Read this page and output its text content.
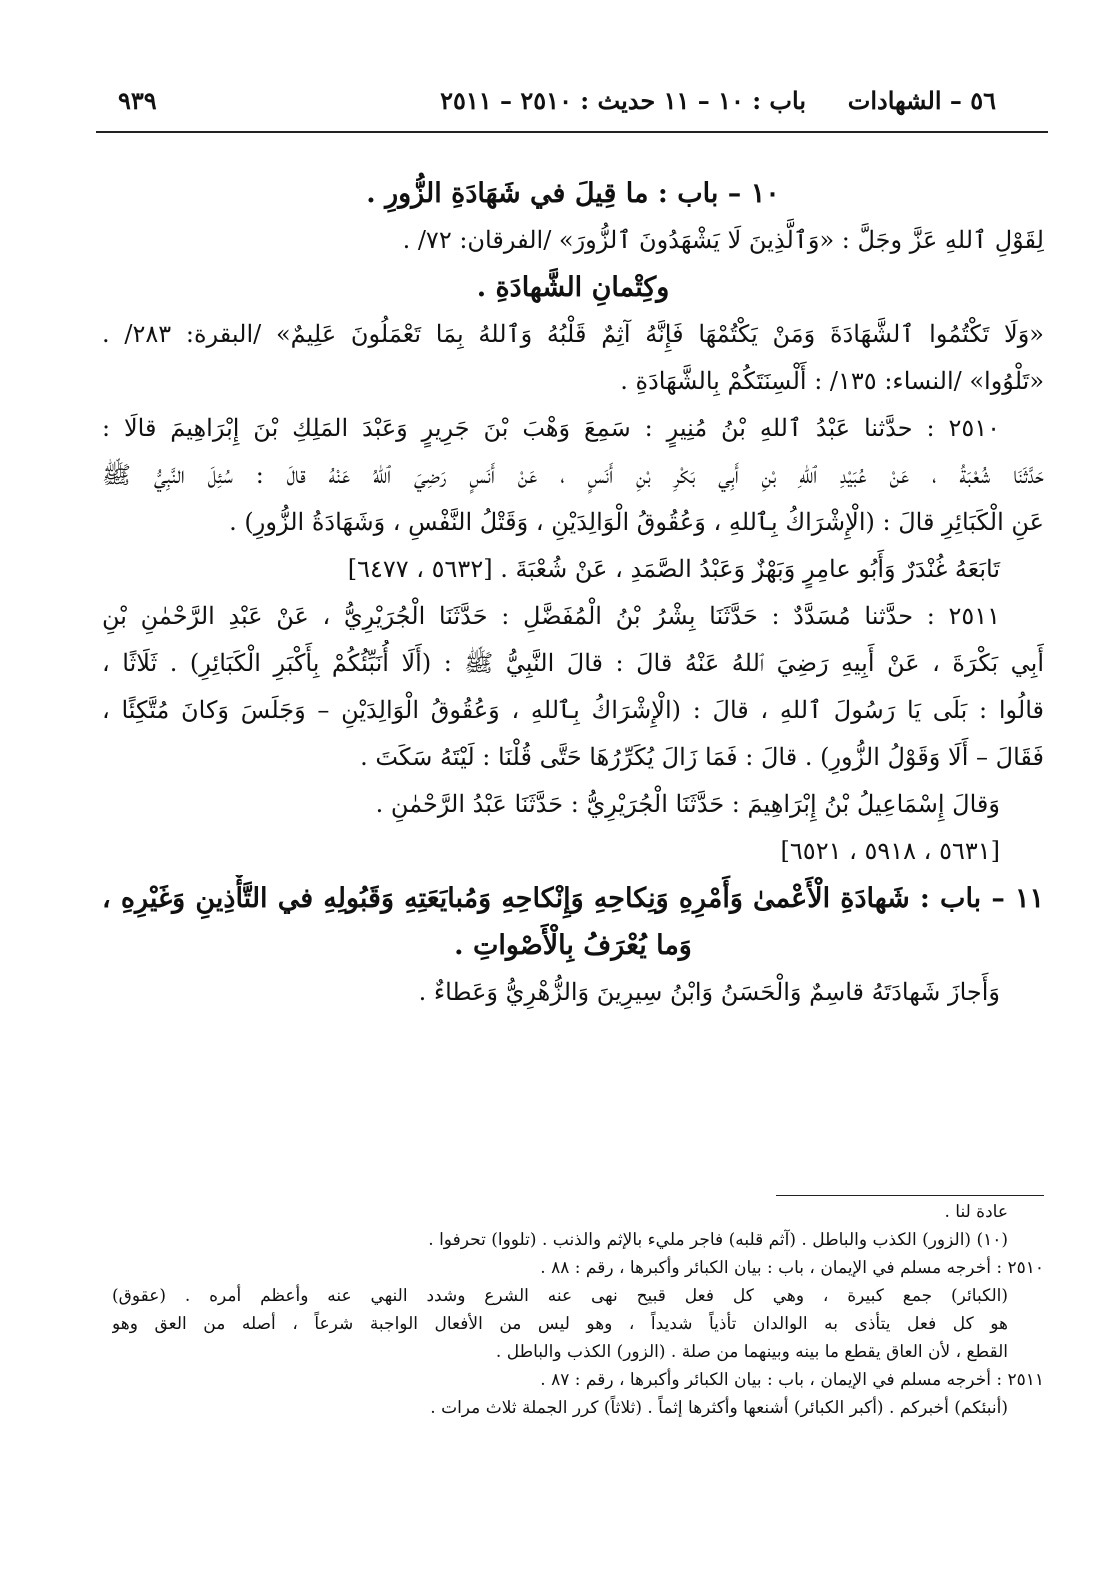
٥٦ – الشهادات
باب : ١٠ – ١١ حديث : ٢٥١٠ – ٢٥١١
٩٣٩
١٠ – باب : ما قِيلَ في شَهَادَةِ الزُّورِ .
لِقَوْلِ ٱللهِ عَزَّ وجَلَّ : «وَٱلَّذِينَ لَا يَشْهَدُونَ ٱلزُّورَ» /الفرقان: ٧٢/ .
وكِتْمانِ الشَّهادَةِ .
«وَلَا تَكْتُمُوا ٱلشَّهَادَةَ وَمَنْ يَكْتُمْهَا فَإِنَّهُ آثِمٌ قَلْبُهُ وَٱللهُ بِمَا تَعْمَلُونَ عَلِيمٌ» /البقرة: ٢٨٣/ .
«تَلْوُوا» /النساء: ١٣٥/ : أَلْسِنَتَكُمْ بِالشَّهَادَةِ .
٢٥١٠ : حدَّثنا عَبْدُ ٱللهِ بْنُ مُنِيرٍ : سَمِعَ وَهْبَ بْنَ جَرِيرٍ وَعَبْدَ المَلِكِ بْنَ إِبْرَاهِيمَ قالَا :
حَدَّثَنَا شُعْبَةُ ، عَنْ عُبَيْدِ ٱللهِ بْنِ أَبِي بَكْرِ بْنِ أَنَسٍ ، عَنْ أَنَسٍ رَضِيَ ٱللهُ عَنْهُ قالَ : سُئِلَ النَّبِيُّ ﷺ
عَنِ الْكَبَائِرِ قالَ : (الْإِشْرَاكُ بِٱللهِ ، وَعُقُوقُ الْوَالِدَيْنِ ، وَقَتْلُ النَّفْسِ ، وَشَهَادَةُ الزُّورِ) .
تَابَعَهُ غُنْدَرٌ وَأَبُو عامِرٍ وَبَهْزٌ وَعَبْدُ الصَّمَدِ ، عَنْ شُعْبَةَ . [٥٦٣٢ ، ٦٤٧٧]
٢٥١١ : حدَّثنا مُسَدَّدٌ : حَدَّثَنَا بِشْرُ بْنُ الْمُفَضَّلِ : حَدَّثَنَا الْجُرَيْرِيُّ ، عَنْ عَبْدِ الرَّحْمٰنِ بْنِ
أَبِي بَكْرَةَ ، عَنْ أَبِيهِ رَضِيَ ٱللهُ عَنْهُ قالَ : قالَ النَّبِيُّ ﷺ : (أَلَا أُنَبِّئُكُمْ بِأَكْبَرِ الْكَبَائِرِ) . ثَلَاثًا ،
قالُوا : بَلَى يَا رَسُولَ ٱللهِ ، قالَ : (الْإِشْرَاكُ بِٱللهِ ، وَعُقُوقُ الْوَالِدَيْنِ – وَجَلَسَ وَكانَ مُتَّكِئًا ،
فَقَالَ – أَلَا وَقَوْلُ الزُّورِ) . قالَ : فَمَا زَالَ يُكَرِّرُهَا حَتَّى قُلْنَا : لَيْتَهُ سَكَتَ .
وَقالَ إِسْمَاعِيلُ بْنُ إِبْرَاهِيمَ : حَدَّثَنَا الْجُرَيْرِيُّ : حَدَّثَنَا عَبْدُ الرَّحْمٰنِ .
[٥٦٣١ ، ٥٩١٨ ، ٦٥٢١]
١١ – باب : شَهادَةِ الْأَعْمىٰ وَأَمْرِهِ وَنِكاحِهِ وَإِنْكاحِهِ وَمُبايَعَتِهِ وَقَبُولِهِ في التَّأْذِينِ وَغَيْرِهِ ،
وَما يُعْرَفُ بِالْأَصْواتِ .
وَأَجازَ شَهادَتَهُ قاسِمٌ وَالْحَسَنُ وَابْنُ سِيرِينَ وَالزُّهْرِيُّ وَعَطاءٌ .
عادة لنا .
(١٠) (الزور) الكذب والباطل . (آثم قلبه) فاجر مليء بالإثم والذنب . (تلووا) تحرفوا .
٢٥١٠ : أخرجه مسلم في الإيمان ، باب : بيان الكبائر وأكبرها ، رقم : ٨٨ .
(الكبائر) جمع كبيرة ، وهي كل فعل قبيح نهى عنه الشرع وشدد النهي عنه وأعظم أمره . (عقوق)
هو كل فعل يتأذى به الوالدان تأذياً شديداً ، وهو ليس من الأفعال الواجبة شرعاً ، أصله من العق وهو
القطع ، لأن العاق يقطع ما بينه وبينهما من صلة . (الزور) الكذب والباطل .
٢٥١١ : أخرجه مسلم في الإيمان ، باب : بيان الكبائر وأكبرها ، رقم : ٨٧ .
(أنبئكم) أخبركم . (أكبر الكبائر) أشنعها وأكثرها إثماً . (ثلاثاً) كرر الجملة ثلاث مرات .
